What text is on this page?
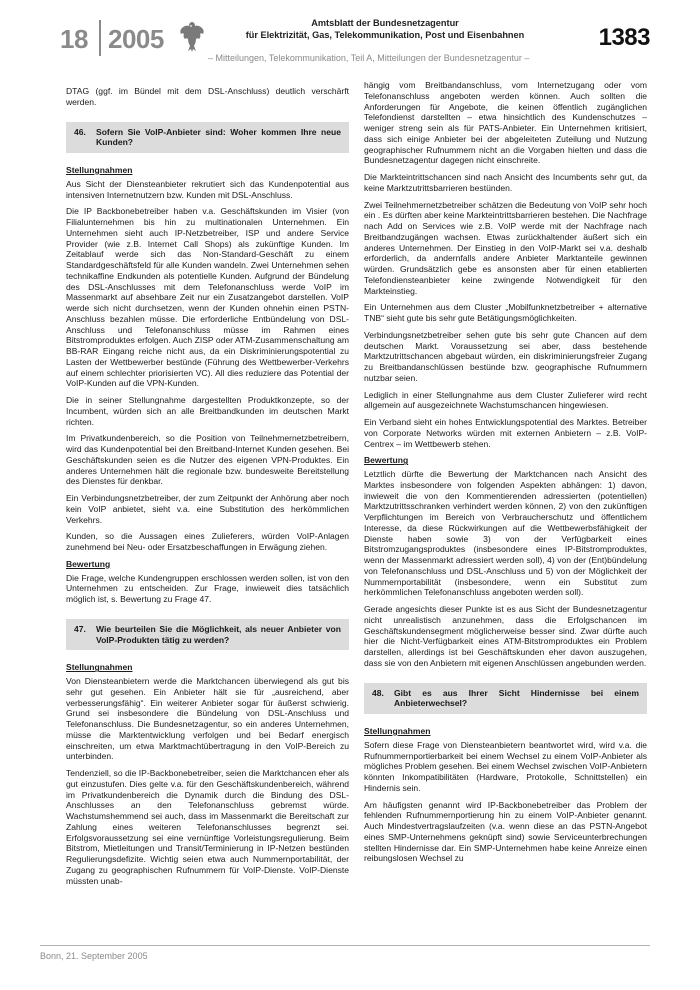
18 2005
Amtsblatt der Bundesnetzagentur
für Elektrizität, Gas, Telekommunikation, Post und Eisenbahnen
– Mitteilungen, Telekommunikation, Teil A, Mitteilungen der Bundesnetzagentur –
1383

DTAG (ggf. im Bündel mit dem DSL-Anschluss) deutlich verschärft werden.

46.	Sofern Sie VoIP-Anbieter sind: Woher kommen Ihre neue Kunden?
Stellungnahmen

Aus Sicht der Diensteanbieter rekrutiert sich das Kundenpotential aus intensiven Internetnutzern bzw. Kunden mit DSL-Anschluss.

Die IP Backbonebetreiber haben v.a. Geschäftskunden im Visier (von Filialunternehmen bis hin zu multinationalen Unternehmen. Ein Unternehmen sieht auch IP-Netzbetreiber, ISP und andere Service Provider (wie z.B. Internet Call Shops) als zukünftige Kunden. Im Zeitablauf werde sich das Non-Standard-Geschäft zu einem Standardgeschäftsfeld für alle Kunden wandeln. Zwei Unternehmen sehen technikaffine Endkunden als potentielle Kunden. Aufgrund der Bündelung des DSL-Anschlusses mit dem Telefonanschluss werde VoIP im Massenmarkt auf absehbare Zeit nur ein Zusatzangebot darstellen. VoIP werde sich nicht durchsetzen, wenn der Kunden ohnehin einen PSTN-Anschluss bezahlen müsse. Die erforderliche Entbündelung von DSL-Anschluss und Telefonanschluss müsse im Rahmen eines Bitstromproduktes erfolgen. Auch ZISP oder ATM-Zusammenschaltung am BB-RAR Eingang reiche nicht aus, da ein Diskriminierungspotential zu Lasten der Wettbewerber bestünde (Führung des Wettbewerber-Verkehrs auf einem schlechter priorisierten VC). All dies reduziere das Potential der VoIP-Kunden auf die VPN-Kunden.

Die in seiner Stellungnahme dargestellten Produktkonzepte, so der Incumbent, würden sich an alle Breitbandkunden im deutschen Markt richten.

Im Privatkundenbereich, so die Position von Teilnehmernetzbetreibern, wird das Kundenpotential bei den Breitband-Internet Kunden gesehen. Bei Geschäftskunden seien es die Nutzer des eigenen VPN-Produktes. Ein anderes Unternehmen hält die regionale bzw. bundesweite Bereitstellung des Dienstes für denkbar.

Ein Verbindungsnetzbetreiber, der zum Zeitpunkt der Anhörung aber noch kein VoIP anbietet, sieht v.a. eine Substitution des herkömmlichen Verkehrs.

Kunden, so die Aussagen eines Zulieferers, würden VoIP-Anlagen zunehmend bei Neu- oder Ersatzbeschaffungen in Erwägung ziehen.

Bewertung

Die Frage, welche Kundengruppen erschlossen werden sollen, ist von den Unternehmen zu entscheiden. Zur Frage, inwieweit dies tatsächlich möglich ist, s. Bewertung zu Frage 47.

47.	Wie beurteilen Sie die Möglichkeit, als neuer Anbieter von VoIP-Produkten tätig zu werden?
Stellungnahmen

Von Diensteanbietern werde die Marktchancen überwiegend als gut bis sehr gut gesehen. Ein Anbieter hält sie für „ausreichend, aber verbesserungsfähig“. Ein weiterer Anbieter sogar für äußerst schwierig. Grund sei insbesondere die Bündelung von DSL-Anschluss und Telefonanschluss. Die Bundesnetzagentur, so ein anderes Unternehmen, müsse die Marktentwicklung verfolgen und bei Bedarf energisch einschreiten, um etwa Marktmachtübertragung in den VoIP-Bereich zu unterbinden.

Tendenziell, so die IP-Backbonebetreiber, seien die Marktchancen eher als gut einzustufen. Dies gelte v.a. für den Geschäftskundenbereich, während im Privatkundenbereich die Dynamik durch die Bindung des DSL-Anschlusses an den Telefonanschluss gebremst würde. Wachstumshemmend sei auch, dass im Massenmarkt die Bereitschaft zur Zahlung eines weiteren Telefonanschlusses begrenzt sei. Erfolgsvoraussetzung sei eine vernünftige Vorleistungsregulierung. Beim Bitstrom, Mietleitungen und Transit/Terminierung in IP-Netzen bestünden Regulierungsdefizite. Wichtig seien etwa auch Nummernportabilität, der Zugang zu geographischen Rufnummern für VoIP-Dienste. VoIP-Dienste müssten unab-

hängig vom Breitbandanschluss, vom Internetzugang oder vom Telefonanschluss angeboten werden können. Auch sollten die Anforderungen für Angebote, die keinen öffentlich zugänglichen Telefondienst darstellten – etwa hinsichtlich des Kundenschutzes – weniger streng sein als für PATS-Anbieter. Ein Unternehmen kritisiert, dass sich einige Anbieter bei der abgeleiteten Zuteilung und Nutzung geographischer Rufnummern nicht an die Vorgaben hielten und dass die Bundesnetzagentur dagegen nicht einschreite.

Die Markteintrittschancen sind nach Ansicht des Incumbents sehr gut, da keine Marktzutrittsbarrieren bestünden.

Zwei Teilnehmernetzbetreiber schätzen die Bedeutung von VoIP sehr hoch ein . Es dürften aber keine Markteintrittsbarrieren bestehen. Die Nachfrage nach Add on Services wie z.B. VoIP werde mit der Nachfrage nach Breitbandzugängen wachsen. Etwas zurückhaltender äußert sich ein anderes Unternehmen. Der Einstieg in den VoIP-Markt sei v.a. deshalb erforderlich, da andernfalls andere Anbieter Marktanteile gewinnen würden. Grundsätzlich gebe es ansonsten aber für einen etablierten Telefondiensteanbieter keine zwingende Notwendigkeit für den Markteinstieg.

Ein Unternehmen aus dem Cluster „Mobilfunknetzbetreiber + alternative TNB“ sieht gute bis sehr gute Betätigungsmöglichkeiten.

Verbindungsnetzbetreiber sehen gute bis sehr gute Chancen auf dem deutschen Markt. Voraussetzung sei aber, dass bestehende Marktzutrittschancen abgebaut würden, ein diskriminierungsfreier Zugang zu Breitbandanschlüssen bestünde bzw. geographische Rufnummern nutzbar seien.

Lediglich in einer Stellungnahme aus dem Cluster Zulieferer wird recht allgemein auf ausgezeichnete Wachstumschancen hingewiesen.

Ein Verband sieht ein hohes Entwicklungspotential des Marktes. Betreiber von Corporate Networks würden mit externen Anbietern – z.B. VoIP-Centrex – im Wettbewerb stehen.

Bewertung

Letztlich dürfte die Bewertung der Marktchancen nach Ansicht des Marktes insbesondere von folgenden Aspekten abhängen: 1) davon, inwieweit die von den Kommentierenden adressierten (potentiellen) Marktzutrittsschranken verhindert werden können, 2) von den zukünftigen Verpflichtungen im Bereich von Verbraucherschutz und öffentlichem Interesse, da diese Rückwirkungen auf die Wettbewerbsfähigkeit der Dienste haben sowie 3) von der Verfügbarkeit eines Bitstromzugangsproduktes (insbesondere eines IP-Bitstromproduktes, wenn der Massenmarkt adressiert werden soll), 4) von der (Ent)bündelung von Telefonanschluss und DSL-Anschluss und 5) von der Möglichkeit der Nummernportabilität (insbesondere, wenn ein Substitut zum herkömmlichen Telefonanschluss angeboten werden soll).

Gerade angesichts dieser Punkte ist es aus Sicht der Bundesnetzagentur nicht unrealistisch anzunehmen, dass die Erfolgschancen im Geschäftskundensegment möglicherweise besser sind. Zwar dürfte auch hier die Nicht-Verfügbarkeit eines ATM-Bitstromproduktes ein Problem darstellen, allerdings ist bei Geschäftskunden eher davon auszugehen, dass sie von den Anbietern mit eigenen Anschlüssen angebunden werden.

48.	Gibt es aus Ihrer Sicht Hindernisse bei einem Anbieterwechsel?
Stellungnahmen

Sofern diese Frage von Diensteanbietern beantwortet wird, wird v.a. die Rufnummernportierbarkeit bei einem Wechsel zu einem VoIP-Anbieter als mögliches Problem gesehen. Bei einem Wechsel zwischen VoIP-Anbietern könnten Inkompatibilitäten (Hardware, Protokolle, Schnittstellen) ein Hindernis sein.

Am häufigsten genannt wird IP-Backbonebetreiber das Problem der fehlenden Rufnummernportierung hin zu einem VoIP-Anbieter genannt. Auch Mindestvertragslaufzeiten (v.a. wenn diese an das PSTN-Angebot eines SMP-Unternehmens geknüpft sind) sowie Serviceunterbrechungen stellten Hindernisse dar. Ein SMP-Unternehmen habe keine Anreize einen reibungslosen Wechsel zu

Bonn, 21. September 2005
